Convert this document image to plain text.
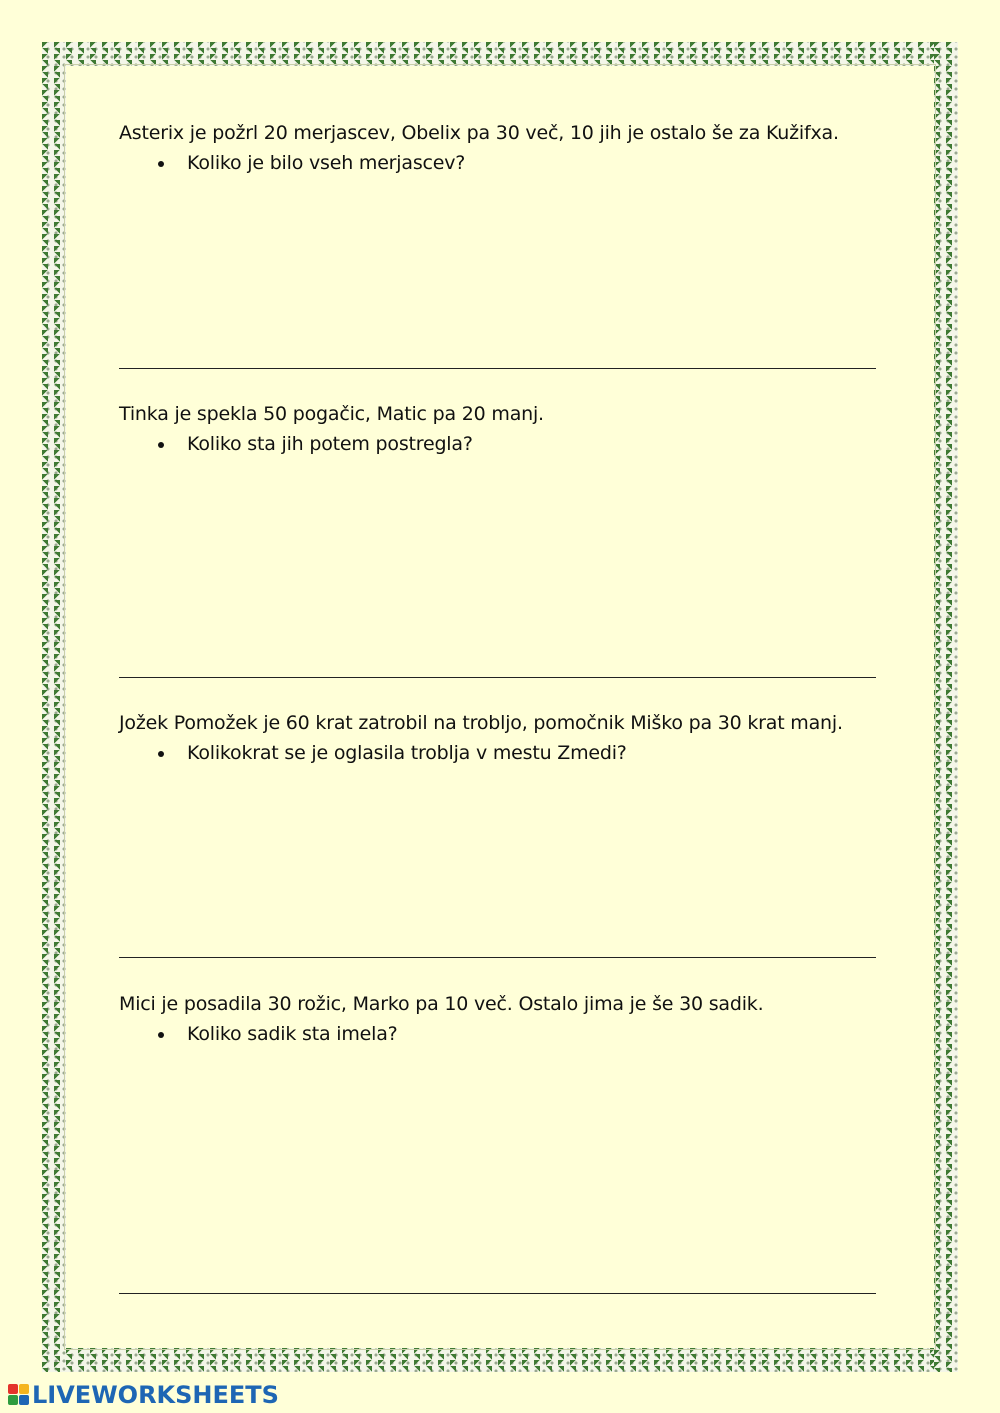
Asterix je požrl 20 merjascev, Obelix pa 30 več, 10 jih je ostalo še za Kužifxa.
Koliko je bilo vseh merjascev?
Tinka je spekla 50 pogačic, Matic pa 20 manj.
Koliko sta jih potem postregla?
Jožek Pomožek je 60 krat zatrobil na trobljo, pomočnik Miško pa 30 krat manj.
Kolikokrat se je oglasila troblja v mestu Zmedi?
Mici je posadila 30 rožic, Marko pa 10 več. Ostalo jima je še 30 sadik.
Koliko sadik sta imela?
LIVEWORKSHEETS
